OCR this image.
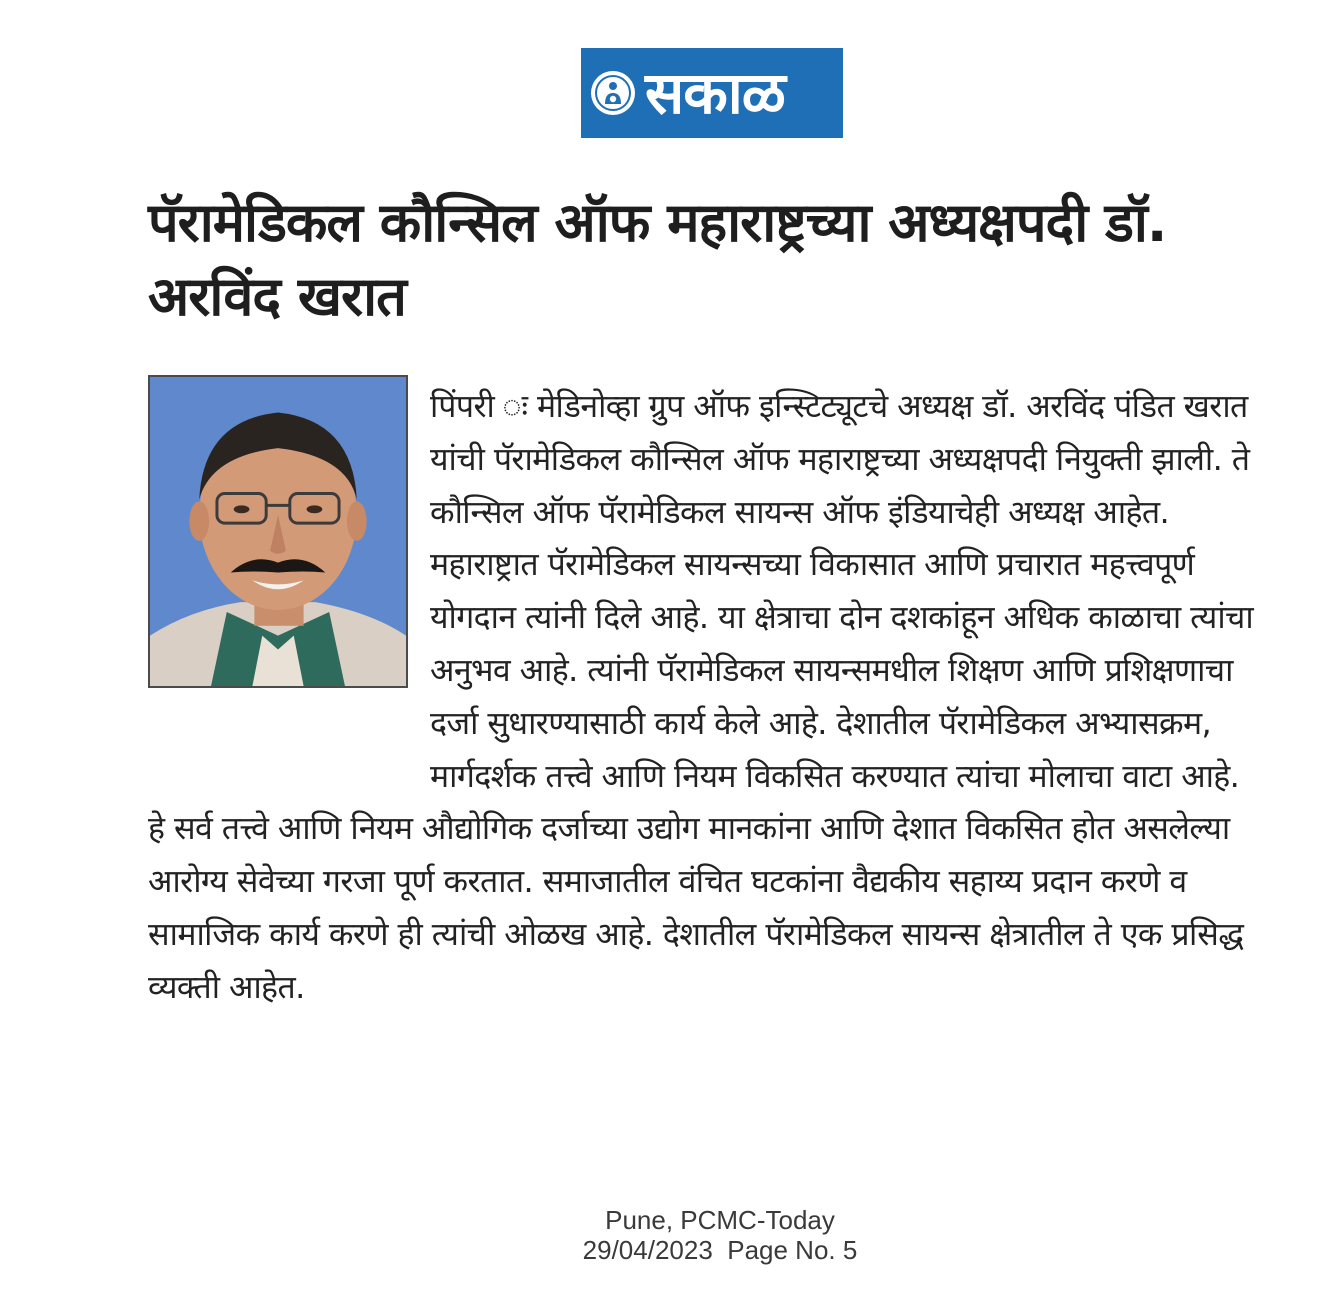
सकाळ
पॅरामेडिकल कौन्सिल ऑफ महाराष्ट्रच्या अध्यक्षपदी डॉ. अरविंद खरात

पिंपरी ः मेडिनोव्हा ग्रुप ऑफ इन्स्टिट्यूटचे अध्यक्ष डॉ. अरविंद पंडित खरात यांची पॅरामेडिकल कौन्सिल ऑफ महाराष्ट्रच्या अध्यक्षपदी नियुक्ती झाली. ते कौन्सिल ऑफ पॅरामेडिकल सायन्स ऑफ इंडियाचेही अध्यक्ष आहेत. महाराष्ट्रात पॅरामेडिकल सायन्सच्या विकासात आणि प्रचारात महत्त्वपूर्ण योगदान त्यांनी दिले आहे. या क्षेत्राचा दोन दशकांहून अधिक काळाचा त्यांचा अनुभव आहे. त्यांनी पॅरामेडिकल सायन्समधील शिक्षण आणि प्रशिक्षणाचा दर्जा सुधारण्यासाठी कार्य केले आहे. देशातील पॅरामेडिकल अभ्यासक्रम, मार्गदर्शक तत्त्वे आणि नियम विकसित करण्यात त्यांचा मोलाचा वाटा आहे. हे सर्व तत्त्वे आणि नियम औद्योगिक दर्जाच्या उद्योग मानकांना आणि देशात विकसित होत असलेल्या आरोग्य सेवेच्या गरजा पूर्ण करतात. समाजातील वंचित घटकांना वैद्यकीय सहाय्य प्रदान करणे व सामाजिक कार्य करणे ही त्यांची ओळख आहे. देशातील पॅरामेडिकल सायन्स क्षेत्रातील ते एक प्रसिद्ध व्यक्ती आहेत.

Pune, PCMC-Today
29/04/2023  Page No. 5
